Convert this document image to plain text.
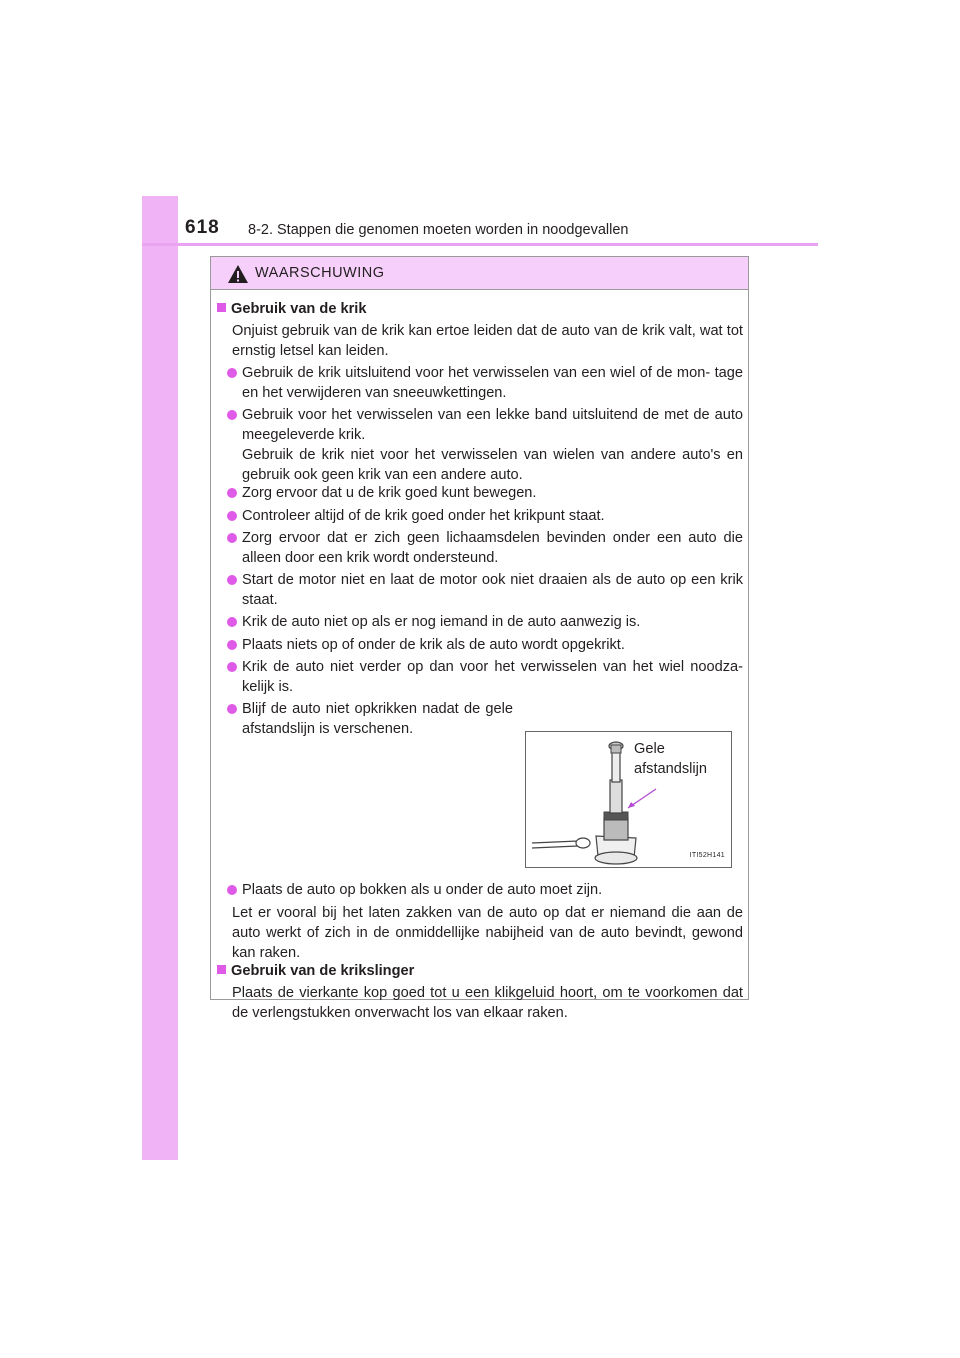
618 8-2. Stappen die genomen moeten worden in noodgevallen
WAARSCHUWING
Gebruik van de krik
Onjuist gebruik van de krik kan ertoe leiden dat de auto van de krik valt, wat tot ernstig letsel kan leiden.
Gebruik de krik uitsluitend voor het verwisselen van een wiel of de mon- tage en het verwijderen van sneeuwkettingen.
Gebruik voor het verwisselen van een lekke band uitsluitend de met de auto meegeleverde krik.
Gebruik de krik niet voor het verwisselen van wielen van andere auto's en gebruik ook geen krik van een andere auto.
Zorg ervoor dat u de krik goed kunt bewegen.
Controleer altijd of de krik goed onder het krikpunt staat.
Zorg ervoor dat er zich geen lichaamsdelen bevinden onder een auto die alleen door een krik wordt ondersteund.
Start de motor niet en laat de motor ook niet draaien als de auto op een krik staat.
Krik de auto niet op als er nog iemand in de auto aanwezig is.
Plaats niets op of onder de krik als de auto wordt opgekrikt.
Krik de auto niet verder op dan voor het verwisselen van het wiel noodza- kelijk is.
Blijf de auto niet opkrikken nadat de gele afstandslijn is verschenen.
Gele afstandslijn
ITI52H141
Plaats de auto op bokken als u onder de auto moet zijn.
Let er vooral bij het laten zakken van de auto op dat er niemand die aan de auto werkt of zich in de onmiddellijke nabijheid van de auto bevindt, gewond kan raken.
Gebruik van de krikslinger
Plaats de vierkante kop goed tot u een klikgeluid hoort, om te voorkomen dat de verlengstukken onverwacht los van elkaar raken.
